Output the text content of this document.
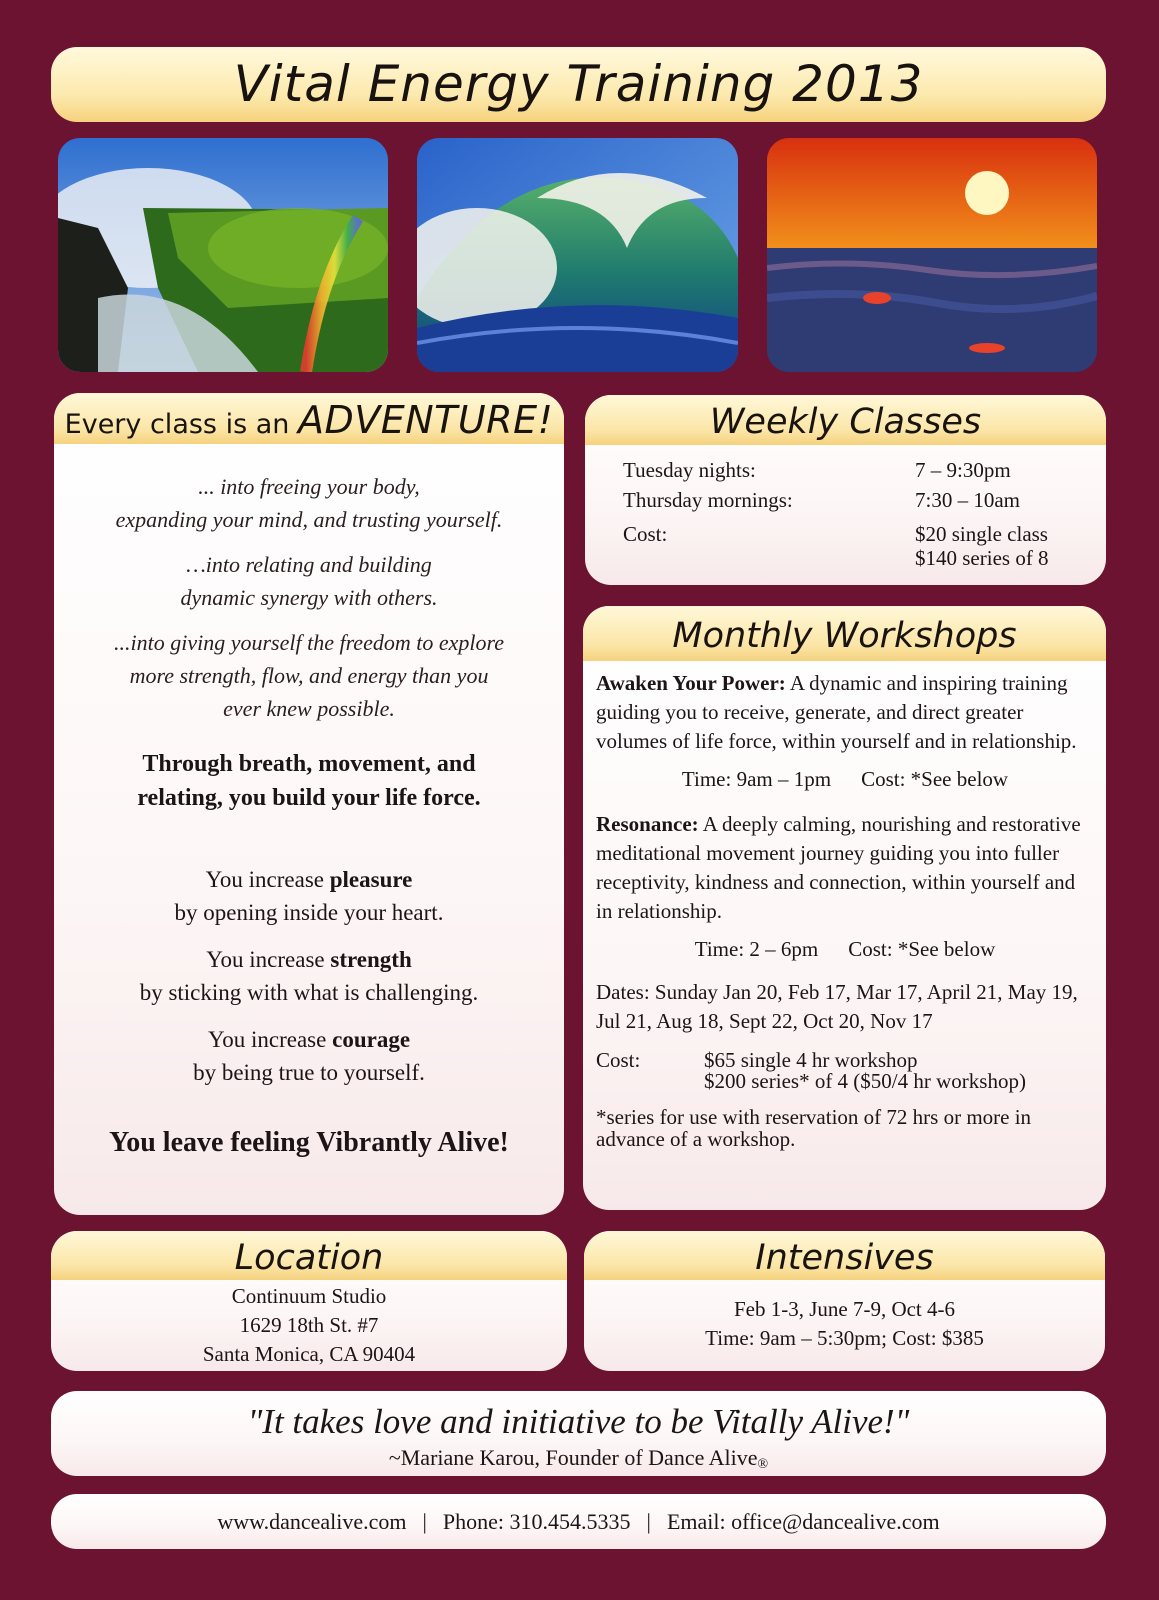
Vital Energy Training 2013
Every class is an ADVENTURE!
... into freeing your body,
expanding your mind, and trusting yourself.
…into relating and building
dynamic synergy with others.
...into giving yourself the freedom to explore
more strength, flow, and energy than you
ever knew possible.
Through breath, movement, and
relating, you build your life force.
You increase pleasure
by opening inside your heart.
You increase strength
by sticking with what is challenging.
You increase courage
by being true to yourself.
You leave feeling Vibrantly Alive!
Weekly Classes
Tuesday nights:	7 – 9:30pm
Thursday mornings:	7:30 – 10am
Cost:	$20 single class
$140 series of 8
Monthly Workshops
Awaken Your Power: A dynamic and inspiring training guiding you to receive, generate, and direct greater volumes of life force, within yourself and in relationship.
Time: 9am – 1pm Cost: *See below
Resonance: A deeply calming, nourishing and restorative meditational movement journey guiding you into fuller receptivity, kindness and connection, within yourself and in relationship.
Time: 2 – 6pm Cost: *See below
Dates: Sunday Jan 20, Feb 17, Mar 17, April 21, May 19, Jul 21, Aug 18, Sept 22, Oct 20, Nov 17
Cost:	$65 single 4 hr workshop
$200 series* of 4 ($50/4 hr workshop)
*series for use with reservation of 72 hrs or more in advance of a workshop.
Location
Continuum Studio
1629 18th St. #7
Santa Monica, CA 90404
Intensives
Feb 1-3, June 7-9, Oct 4-6
Time: 9am – 5:30pm; Cost: $385
"It takes love and initiative to be Vitally Alive!"
~Mariane Karou, Founder of Dance Alive$_®$
www.dancealive.com | Phone: 310.454.5335 | Email: office@dancealive.com
